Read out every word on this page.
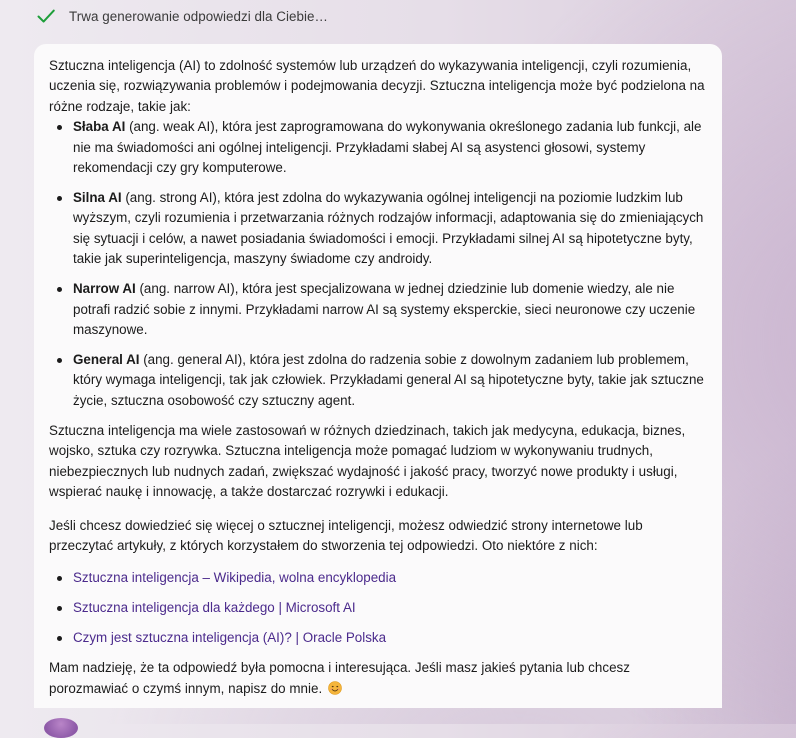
Trwa generowanie odpowiedzi dla Ciebie…

Sztuczna inteligencja (AI) to zdolność systemów lub urządzeń do wykazywania inteligencji, czyli rozumienia, uczenia się, rozwiązywania problemów i podejmowania decyzji. Sztuczna inteligencja może być podzielona na różne rodzaje, takie jak:

Słaba AI (ang. weak AI), która jest zaprogramowana do wykonywania określonego zadania lub funkcji, ale nie ma świadomości ani ogólnej inteligencji. Przykładami słabej AI są asystenci głosowi, systemy rekomendacji czy gry komputerowe.
Silna AI (ang. strong AI), która jest zdolna do wykazywania ogólnej inteligencji na poziomie ludzkim lub wyższym, czyli rozumienia i przetwarzania różnych rodzajów informacji, adaptowania się do zmieniających się sytuacji i celów, a nawet posiadania świadomości i emocji. Przykładami silnej AI są hipotetyczne byty, takie jak superinteligencja, maszyny świadome czy androidy.
Narrow AI (ang. narrow AI), która jest specjalizowana w jednej dziedzinie lub domenie wiedzy, ale nie potrafi radzić sobie z innymi. Przykładami narrow AI są systemy eksperckie, sieci neuronowe czy uczenie maszynowe.
General AI (ang. general AI), która jest zdolna do radzenia sobie z dowolnym zadaniem lub problemem, który wymaga inteligencji, tak jak człowiek. Przykładami general AI są hipotetyczne byty, takie jak sztuczne życie, sztuczna osobowość czy sztuczny agent.

Sztuczna inteligencja ma wiele zastosowań w różnych dziedzinach, takich jak medycyna, edukacja, biznes, wojsko, sztuka czy rozrywka. Sztuczna inteligencja może pomagać ludziom w wykonywaniu trudnych, niebezpiecznych lub nudnych zadań, zwiększać wydajność i jakość pracy, tworzyć nowe produkty i usługi, wspierać naukę i innowację, a także dostarczać rozrywki i edukacji.

Jeśli chcesz dowiedzieć się więcej o sztucznej inteligencji, możesz odwiedzić strony internetowe lub przeczytać artykuły, z których korzystałem do stworzenia tej odpowiedzi. Oto niektóre z nich:

Sztuczna inteligencja – Wikipedia, wolna encyklopedia
Sztuczna inteligencja dla każdego | Microsoft AI
Czym jest sztuczna inteligencja (AI)? | Oracle Polska

Mam nadzieję, że ta odpowiedź była pomocna i interesująca. Jeśli masz jakieś pytania lub chcesz porozmawiać o czymś innym, napisz do mnie.
